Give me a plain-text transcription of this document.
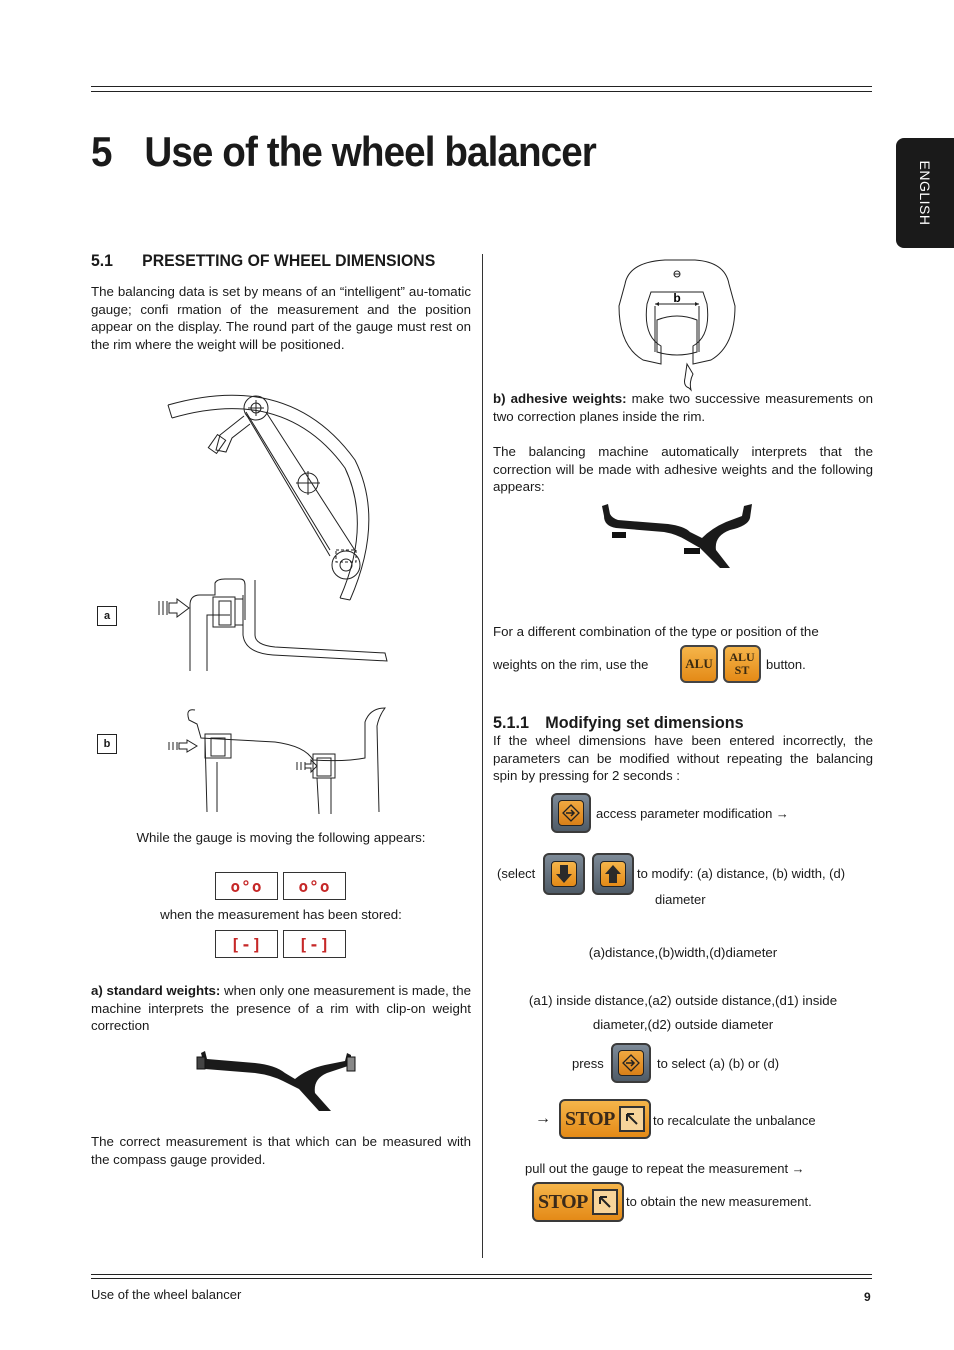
5 Use of the wheel balancer
ENGLISH
5.1 PRESETTING OF WHEEL DIMENSIONS
The balancing data is set by means of an “intelligent” au-tomatic gauge; confi rmation of the measurement and the position appear on the display. The round part of the gauge must rest on the rim where the weight will be positioned.
a
b
While the gauge is moving the following appears:
o°o	o°o
when the measurement has been stored:
[-]	[-]
a) standard weights: when only one measurement is made, the machine interprets the presence of a rim with clip-on weight correction
The correct measurement is that which can be measured with the compass gauge provided.
b
b) adhesive weights: make two successive measurements on two correction planes inside the rim.
The balancing machine automatically interprets that the correction will be made with adhesive weights and the following appears:
For a different combination of the type or position of the
weights on the rim, use the	ALU ALU
ST button.
5.1.1 Modifying set dimensions
If the wheel dimensions have been entered incorrectly, the parameters can be modified without repeating the balancing spin by pressing for 2 seconds :
access parameter modification →
(select	to modify: (a) distance, (b) width, (d)
diameter
(a)distance,(b)width,(d)diameter
(a1) inside distance,(a2) outside distance,(d1) inside
diameter,(d2) outside diameter
press	to select (a) (b) or (d)
→ STOP	to recalculate the unbalance
pull out the gauge to repeat the measurement →
STOP	to obtain the new measurement.
Use of the wheel balancer	9
